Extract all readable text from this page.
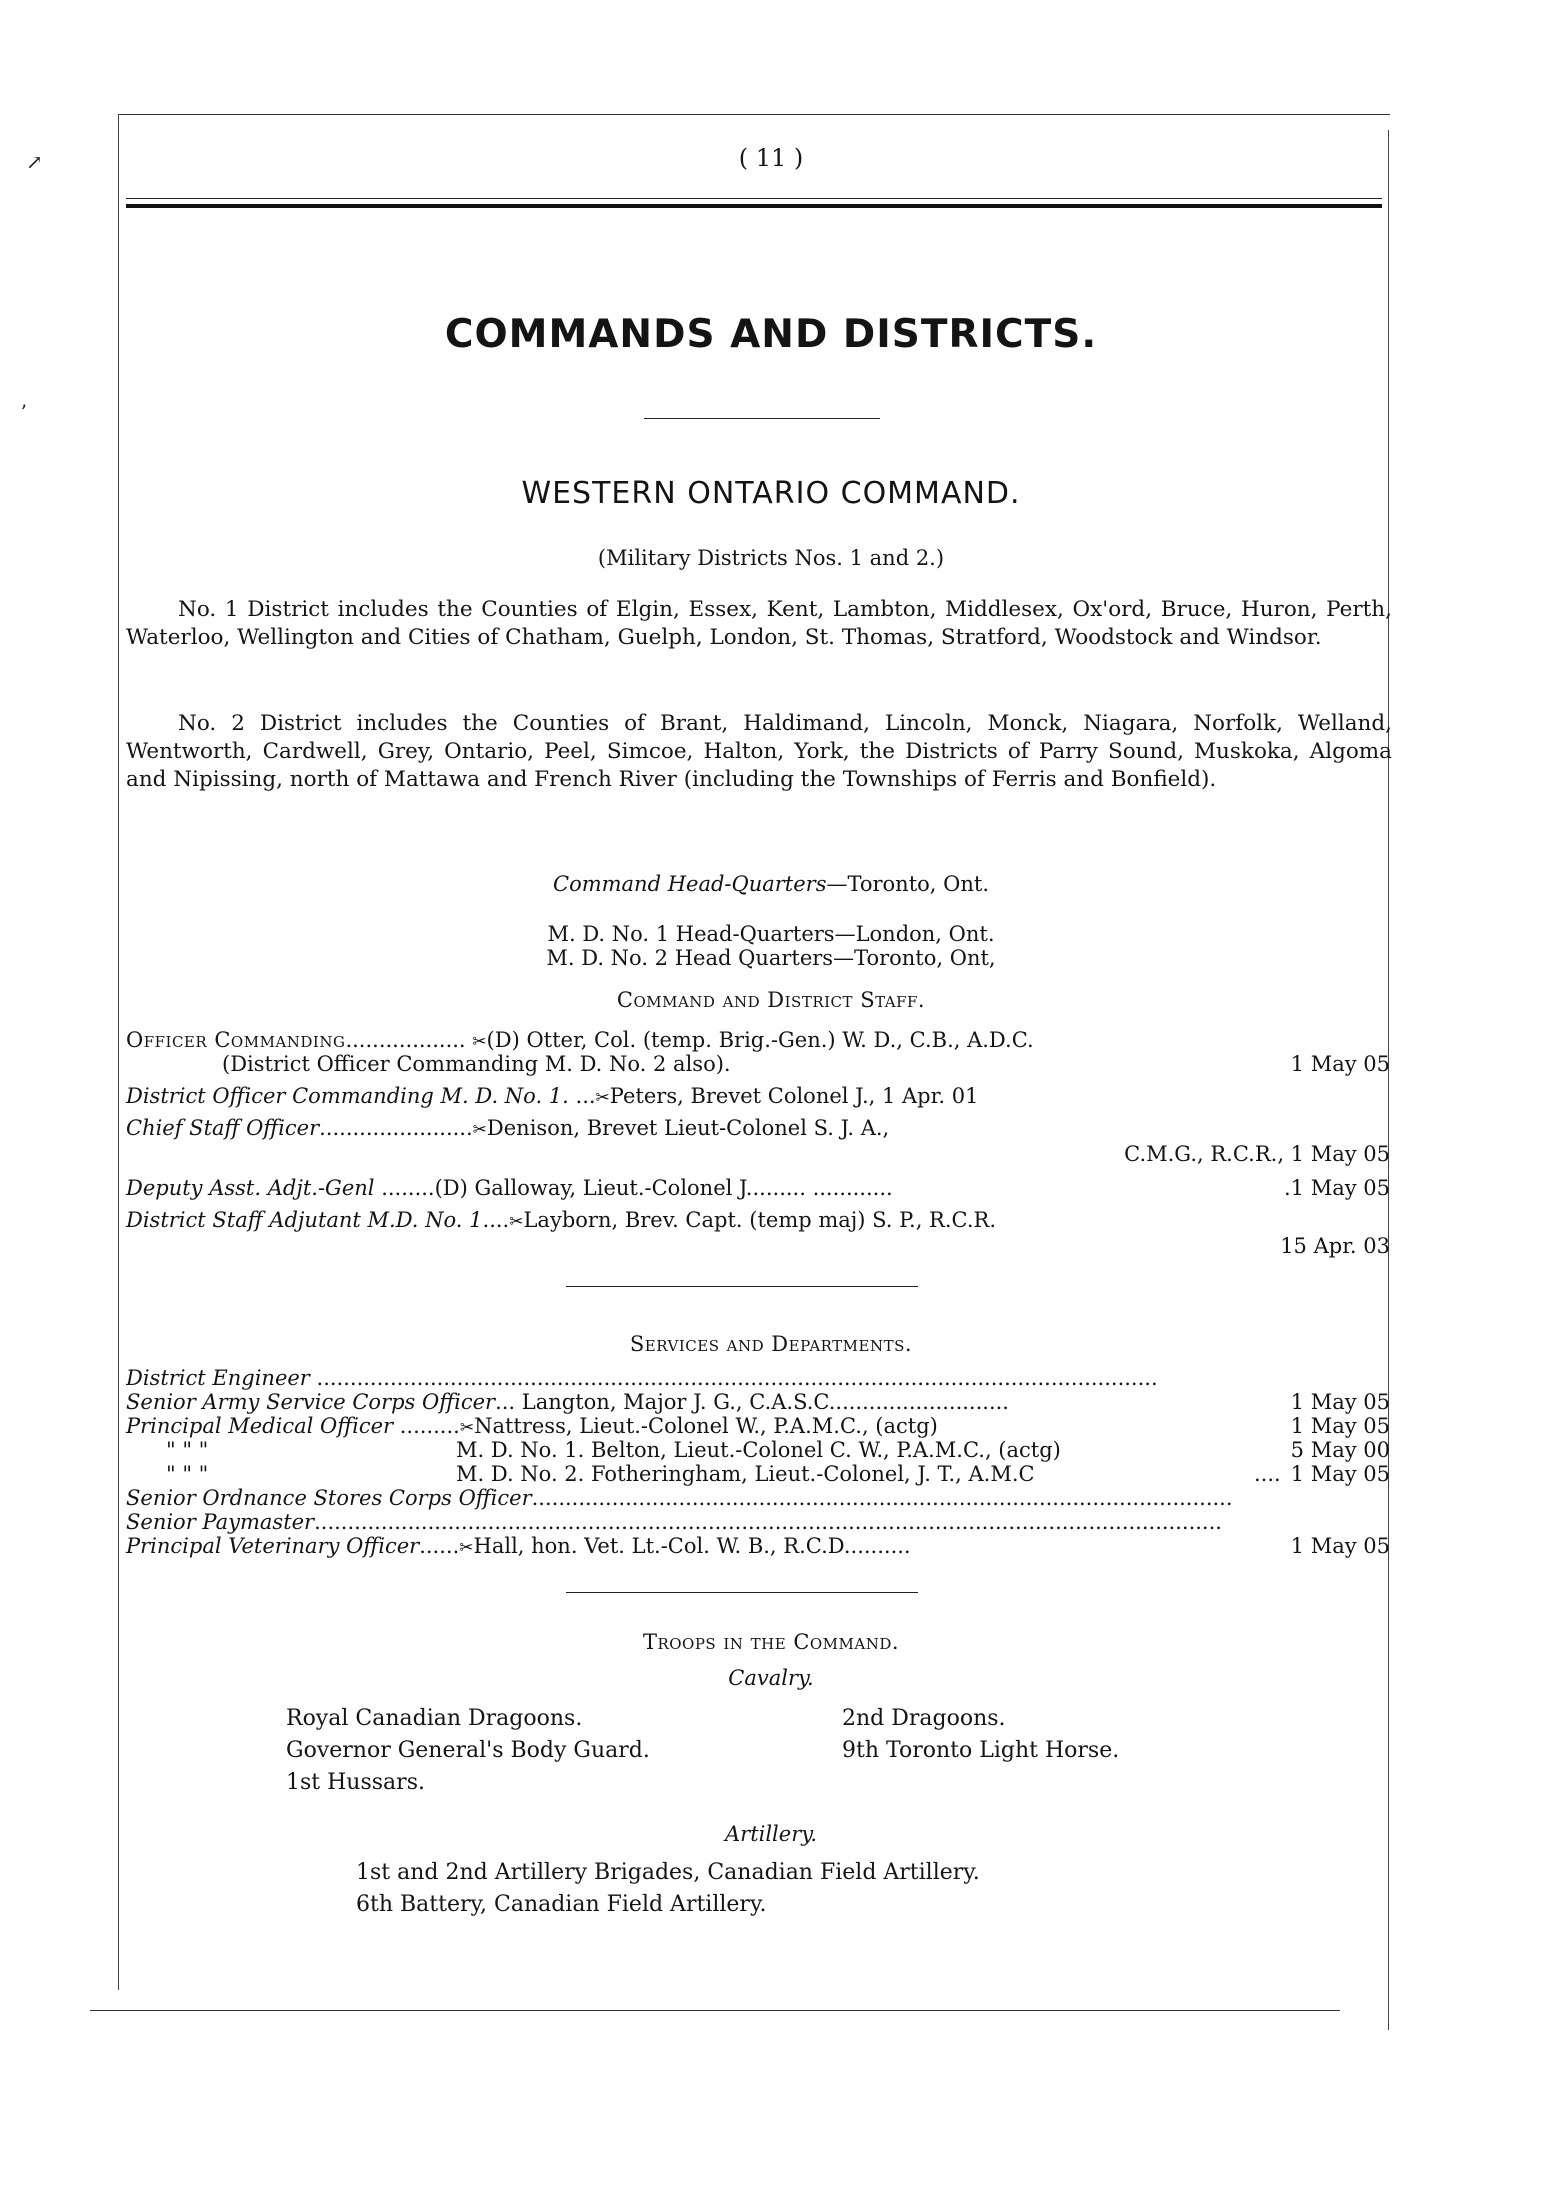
↗
ʼ
( 11 )
COMMANDS AND DISTRICTS.
WESTERN ONTARIO COMMAND.
(Military Districts Nos. 1 and 2.)

No. 1 District includes the Counties of Elgin, Essex, Kent, Lambton, Middlesex, Ox'ord, Bruce, Huron, Perth, Waterloo, Wellington and Cities of Chatham, Guelph, London, St. Thomas, Stratford, Woodstock and Windsor.

No. 2 District includes the Counties of Brant, Haldimand, Lincoln, Monck, Niagara, Norfolk, Welland, Wentworth, Cardwell, Grey, Ontario, Peel, Simcoe, Halton, York, the Districts of Parry Sound, Muskoka, Algoma and Nipissing, north of Mattawa and French River (including the Townships of Ferris and Bonfield).

Command Head-Quarters—Toronto, Ont.
M. D. No. 1 Head-Quarters—London, Ont.
M. D. No. 2 Head Quarters—Toronto, Ont,
Command and District Staff.
Officer Commanding.................. ✂(D) Otter, Col. (temp. Brig.-Gen.) W. D., C.B., A.D.C.
(District Officer Commanding M. D. No. 2 also).	1 May 05
District Officer Commanding M. D. No. 1. ...✂Peters, Brevet Colonel J., 1 Apr. 01
Chief Staff Officer.......................✂Denison, Brevet Lieut-Colonel S. J. A.,
C.M.G., R.C.R., 1 May 05
Deputy Asst. Adjt.-Genl ........(D) Galloway, Lieut.-Colonel J......... ............	.1 May 05
District Staff Adjutant M.D. No. 1....✂Layborn, Brev. Capt. (temp maj) S. P., R.C.R.
15 Apr. 03
Services and Departments.
District Engineer ..............................................................................................................................
Senior Army Service Corps Officer... Langton, Major J. G., C.A.S.C...........................	1 May 05
Principal Medical Officer .........✂Nattress, Lieut.-Colonel W., P.A.M.C., (actg)	1 May 05
" " "	M. D. No. 1. Belton, Lieut.-Colonel C. W., P.A.M.C., (actg)	5 May 00
" " "	M. D. No. 2. Fotheringham, Lieut.-Colonel, J. T., A.M.C	.... 1 May 05
Senior Ordnance Stores Corps Officer.........................................................................................................
Senior Paymaster........................................................................................................................................
Principal Veterinary Officer......✂Hall, hon. Vet. Lt.-Col. W. B., R.C.D..........	1 May 05
Troops in the Command.
Cavalry.
Royal Canadian Dragoons.
Governor General's Body Guard.
1st Hussars.
2nd Dragoons.
9th Toronto Light Horse.
Artillery.
1st and 2nd Artillery Brigades, Canadian Field Artillery.
6th Battery, Canadian Field Artillery.
